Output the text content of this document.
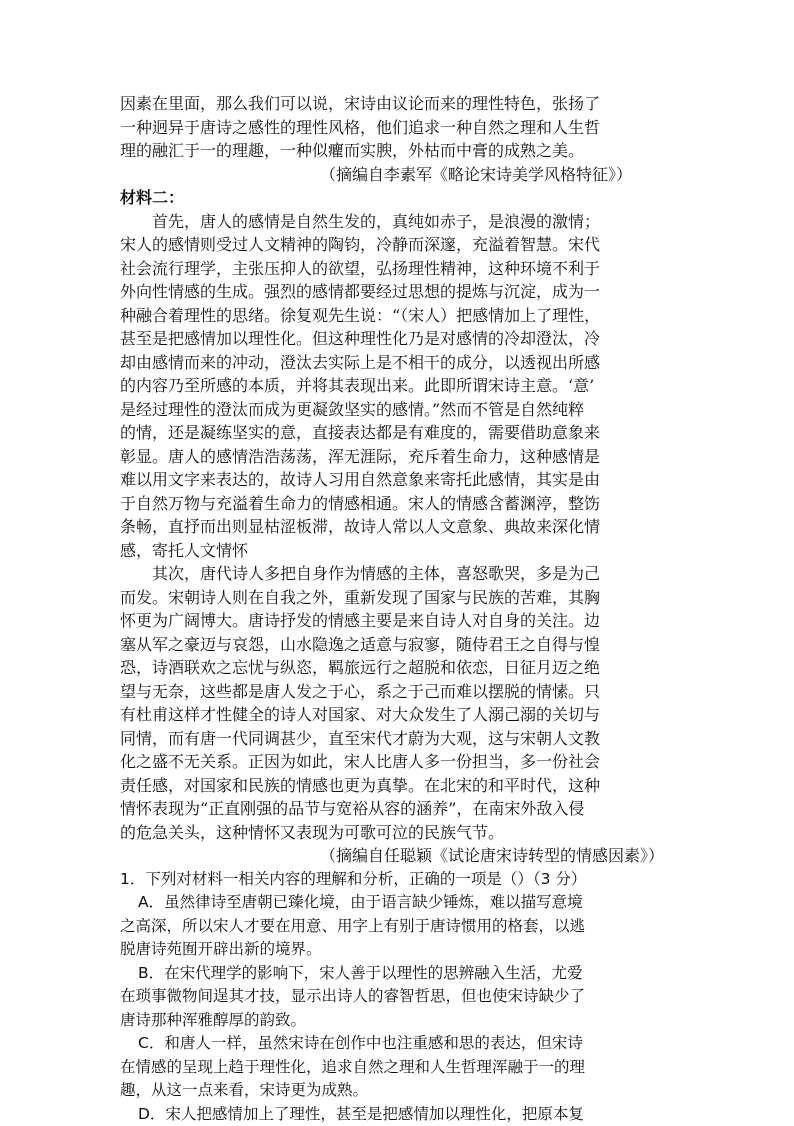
因素在里面，那么我们可以说，宋诗由议论而来的理性特色，张扬了
一种迥异于唐诗之感性的理性风格，他们追求一种自然之理和人生哲
理的融汇于一的理趣，一种似癯而实腴，外枯而中膏的成熟之美。
（摘编自李素军《略论宋诗美学风格特征》）
材料二：
　　首先，唐人的感情是自然生发的，真纯如赤子，是浪漫的激情；
宋人的感情则受过人文精神的陶钧，冷静而深邃，充溢着智慧。宋代
社会流行理学，主张压抑人的欲望，弘扬理性精神，这种环境不利于
外向性情感的生成。强烈的感情都要经过思想的提炼与沉淀，成为一
种融合着理性的思绪。徐复观先生说：“（宋人）把感情加上了理性，
甚至是把感情加以理性化。但这种理性化乃是对感情的冷却澄汰，冷
却由感情而来的冲动，澄汰去实际上是不相干的成分，以透视出所感
的内容乃至所感的本质，并将其表现出来。此即所谓宋诗主意。‘意’
是经过理性的澄汰而成为更凝敛坚实的感情。”然而不管是自然纯粹
的情，还是凝练坚实的意，直接表达都是有难度的，需要借助意象来
彰显。唐人的感情浩浩荡荡，浑无涯际，充斥着生命力，这种感情是
难以用文字来表达的，故诗人习用自然意象来寄托此感情，其实是由
于自然万物与充溢着生命力的情感相通。宋人的情感含蓄渊渟，整饬
条畅，直抒而出则显枯涩板滞，故诗人常以人文意象、典故来深化情
感，寄托人文情怀
　　其次，唐代诗人多把自身作为情感的主体，喜怒歌哭，多是为己
而发。宋朝诗人则在自我之外，重新发现了国家与民族的苦难，其胸
怀更为广阔博大。唐诗抒发的情感主要是来自诗人对自身的关注。边
塞从军之豪迈与哀怨，山水隐逸之适意与寂寥，随侍君王之自得与惶
恐，诗酒联欢之忘忧与纵恣，羁旅远行之超脱和依恋，日征月迈之绝
望与无奈，这些都是唐人发之于心，系之于己而难以摆脱的情愫。只
有杜甫这样才性健全的诗人对国家、对大众发生了人溺己溺的关切与
同情，而有唐一代同调甚少，直至宋代才蔚为大观，这与宋朝人文教
化之盛不无关系。正因为如此，宋人比唐人多一份担当，多一份社会
责任感，对国家和民族的情感也更为真挚。在北宋的和平时代，这种
情怀表现为“正直刚强的品节与宽裕从容的涵养”，在南宋外敌入侵
的危急关头，这种情怀又表现为可歌可泣的民族气节。
（摘编自任聪颖《试论唐宋诗转型的情感因素》）
1．下列对材料一相关内容的理解和分析，正确的一项是（）（3 分）
A．虽然律诗至唐朝已臻化境，由于语言缺少锤炼，难以描写意境
之高深，所以宋人才要在用意、用字上有别于唐诗惯用的格套，以逃
脱唐诗苑囿开辟出新的境界。
B．在宋代理学的影响下，宋人善于以理性的思辨融入生活，尤爱
在琐事微物间逞其才技，显示出诗人的睿智哲思，但也使宋诗缺少了
唐诗那种浑雅醇厚的韵致。
C．和唐人一样，虽然宋诗在创作中也注重感和思的表达，但宋诗
在情感的呈现上趋于理性化，追求自然之理和人生哲理浑融于一的理
趣，从这一点来看，宋诗更为成熟。
D．宋人把感情加上了理性，甚至是把感情加以理性化，把原本复
